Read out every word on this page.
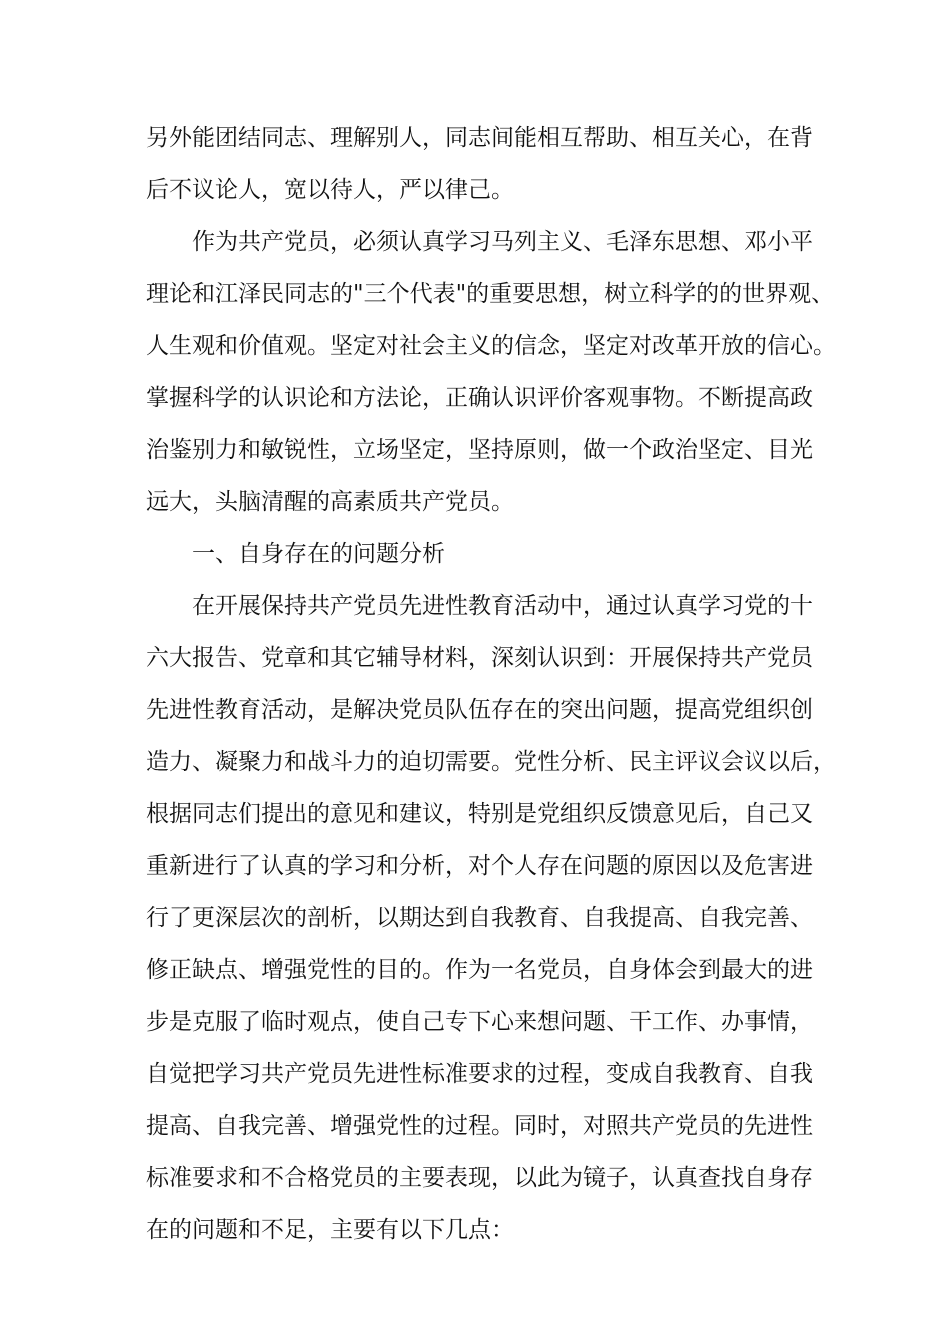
另外能团结同志、理解别人，同志间能相互帮助、相互关心，在背
后不议论人，宽以待人，严以律己。
作为共产党员，必须认真学习马列主义、毛泽东思想、邓小平
理论和江泽民同志的"三个代表"的重要思想，树立科学的的世界观、
人生观和价值观。坚定对社会主义的信念，坚定对改革开放的信心。
掌握科学的认识论和方法论，正确认识评价客观事物。不断提高政
治鉴别力和敏锐性，立场坚定，坚持原则，做一个政治坚定、目光
远大，头脑清醒的高素质共产党员。
一、自身存在的问题分析
在开展保持共产党员先进性教育活动中，通过认真学习党的十
六大报告、党章和其它辅导材料，深刻认识到：开展保持共产党员
先进性教育活动，是解决党员队伍存在的突出问题，提高党组织创
造力、凝聚力和战斗力的迫切需要。党性分析、民主评议会议以后，
根据同志们提出的意见和建议，特别是党组织反馈意见后，自己又
重新进行了认真的学习和分析，对个人存在问题的原因以及危害进
行了更深层次的剖析，以期达到自我教育、自我提高、自我完善、
修正缺点、增强党性的目的。作为一名党员，自身体会到最大的进
步是克服了临时观点，使自己专下心来想问题、干工作、办事情，
自觉把学习共产党员先进性标准要求的过程，变成自我教育、自我
提高、自我完善、增强党性的过程。同时，对照共产党员的先进性
标准要求和不合格党员的主要表现，以此为镜子，认真查找自身存
在的问题和不足，主要有以下几点：
